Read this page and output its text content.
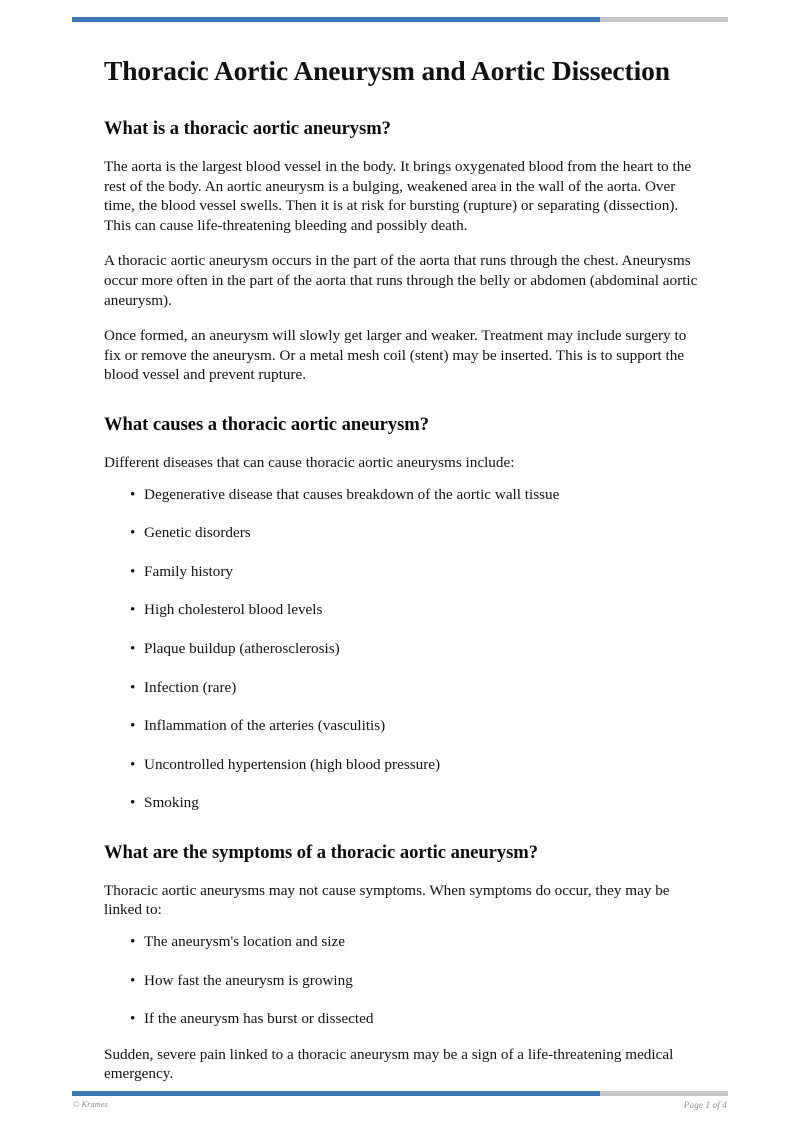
Thoracic Aortic Aneurysm and Aortic Dissection
What is a thoracic aortic aneurysm?

The aorta is the largest blood vessel in the body. It brings oxygenated blood from the heart to the rest of the body. An aortic aneurysm is a bulging, weakened area in the wall of the aorta. Over time, the blood vessel swells. Then it is at risk for bursting (rupture) or separating (dissection). This can cause life-threatening bleeding and possibly death.

A thoracic aortic aneurysm occurs in the part of the aorta that runs through the chest. Aneurysms occur more often in the part of the aorta that runs through the belly or abdomen (abdominal aortic aneurysm).

Once formed, an aneurysm will slowly get larger and weaker. Treatment may include surgery to fix or remove the aneurysm. Or a metal mesh coil (stent) may be inserted. This is to support the blood vessel and prevent rupture.

What causes a thoracic aortic aneurysm?

Different diseases that can cause thoracic aortic aneurysms include:

• Degenerative disease that causes breakdown of the aortic wall tissue
• Genetic disorders
• Family history
• High cholesterol blood levels
• Plaque buildup (atherosclerosis)
• Infection (rare)
• Inflammation of the arteries (vasculitis)
• Uncontrolled hypertension (high blood pressure)
• Smoking
What are the symptoms of a thoracic aortic aneurysm?

Thoracic aortic aneurysms may not cause symptoms. When symptoms do occur, they may be linked to:

• The aneurysm's location and size
• How fast the aneurysm is growing
• If the aneurysm has burst or dissected

Sudden, severe pain linked to a thoracic aneurysm may be a sign of a life-threatening medical emergency.

© Krames	Page 1 of 4
